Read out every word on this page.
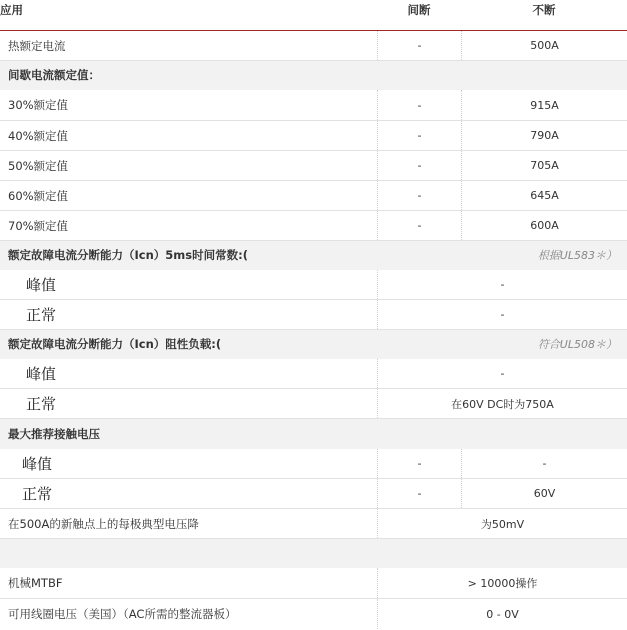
应用	间断	不断
热额定电流	-	500A
间歇电流额定值：
30%额定值	-	915A
40%额定值	-	790A
50%额定值	-	705A
60%额定值	-	645A
70%额定值	-	600A
额定故障电流分断能力（Icn）5ms时间常数:(	根据UL583＊）
峰值	-
正常	-
额定故障电流分断能力（Icn）阻性负载:(	符合UL508＊）
峰值	-
正常	在60V DC时为750A
最大推荐接触电压
峰值	-	-
正常	-	60V
在500A的新触点上的每极典型电压降	为50mV
机械MTBF	> 10000操作
可用线圈电压（美国）（AC所需的整流器板）	0 - 0V
